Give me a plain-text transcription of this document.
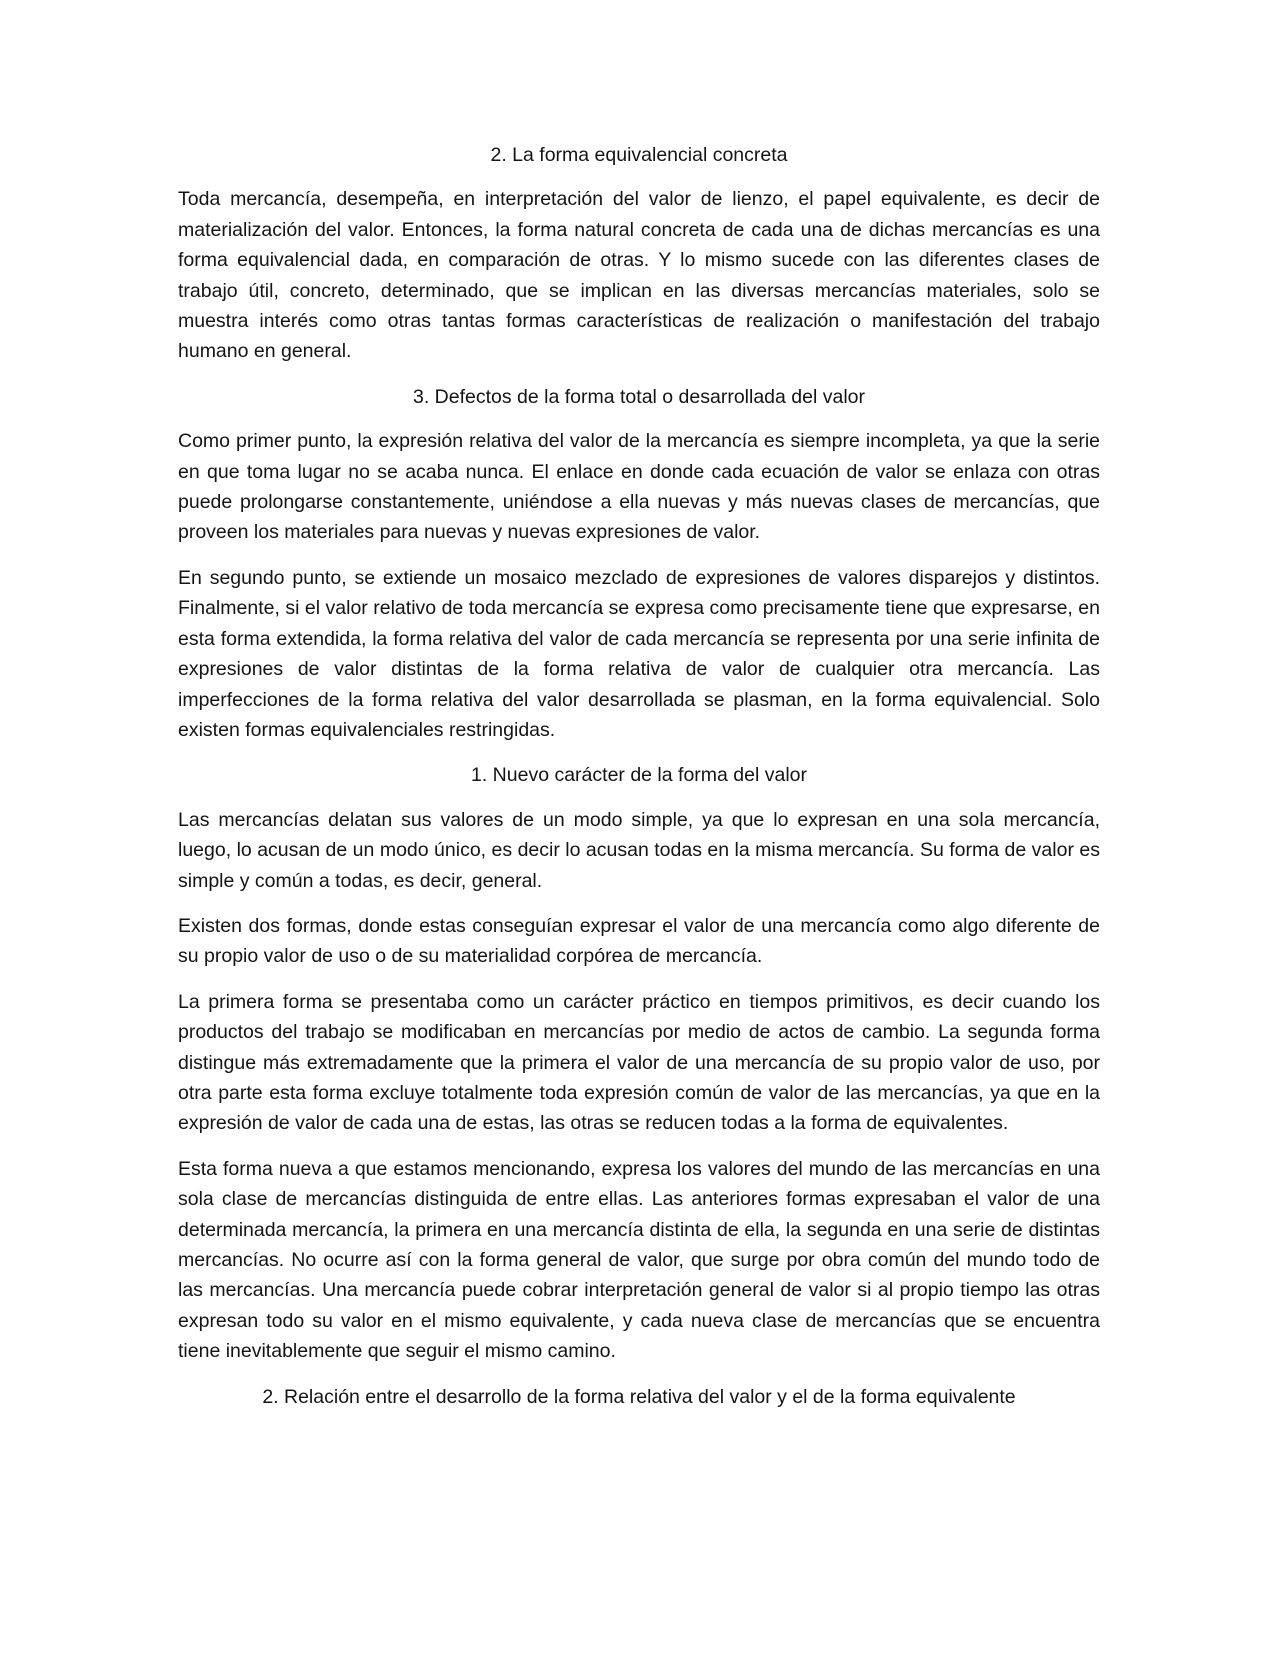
2. La forma equivalencial concreta

Toda mercancía, desempeña, en interpretación del valor de lienzo, el papel equivalente, es decir de materialización del valor. Entonces, la forma natural concreta de cada una de dichas mercancías es una forma equivalencial dada, en comparación de otras. Y lo mismo sucede con las diferentes clases de trabajo útil, concreto, determinado, que se implican en las diversas mercancías materiales, solo se muestra interés como otras tantas formas características de realización o manifestación del trabajo humano en general.

3. Defectos de la forma total o desarrollada del valor

Como primer punto, la expresión relativa del valor de la mercancía es siempre incompleta, ya que la serie en que toma lugar no se acaba nunca. El enlace en donde cada ecuación de valor se enlaza con otras puede prolongarse constantemente, uniéndose a ella nuevas y más nuevas clases de mercancías, que proveen los materiales para nuevas y nuevas expresiones de valor.

En segundo punto, se extiende un mosaico mezclado de expresiones de valores disparejos y distintos. Finalmente, si el valor relativo de toda mercancía se expresa como precisamente tiene que expresarse, en esta forma extendida, la forma relativa del valor de cada mercancía se representa por una serie infinita de expresiones de valor distintas de la forma relativa de valor de cualquier otra mercancía. Las imperfecciones de la forma relativa del valor desarrollada se plasman, en la forma equivalencial. Solo existen formas equivalenciales restringidas.

1. Nuevo carácter de la forma del valor

Las mercancías delatan sus valores de un modo simple, ya que lo expresan en una sola mercancía, luego, lo acusan de un modo único, es decir lo acusan todas en la misma mercancía. Su forma de valor es simple y común a todas, es decir, general.

Existen dos formas, donde estas conseguían expresar el valor de una mercancía como algo diferente de su propio valor de uso o de su materialidad corpórea de mercancía.

La primera forma se presentaba como un carácter práctico en tiempos primitivos, es decir cuando los productos del trabajo se modificaban en mercancías por medio de actos de cambio. La segunda forma distingue más extremadamente que la primera el valor de una mercancía de su propio valor de uso, por otra parte esta forma excluye totalmente toda expresión común de valor de las mercancías, ya que en la expresión de valor de cada una de estas, las otras se reducen todas a la forma de equivalentes.

Esta forma nueva a que estamos mencionando, expresa los valores del mundo de las mercancías en una sola clase de mercancías distinguida de entre ellas. Las anteriores formas expresaban el valor de una determinada mercancía, la primera en una mercancía distinta de ella, la segunda en una serie de distintas mercancías. No ocurre así con la forma general de valor, que surge por obra común del mundo todo de las mercancías. Una mercancía puede cobrar interpretación general de valor si al propio tiempo las otras expresan todo su valor en el mismo equivalente, y cada nueva clase de mercancías que se encuentra tiene inevitablemente que seguir el mismo camino.

2. Relación entre el desarrollo de la forma relativa del valor y el de la forma equivalente
